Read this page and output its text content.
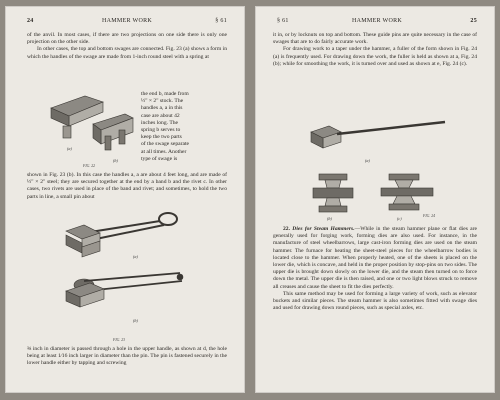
24	HAMMER WORK	§ 61

of the anvil. In most cases, if there are two projections on one side there is only one projection on the other side.

In other cases, the top and bottom swages are connected. Fig. 23 (a) shows a form in which the handles of the swage are made from 1-inch round steel with a spring at

(a)
(b)
FIG. 22
the end b, made from
½" × 2" stock. The
handles a, a in this
case are about 42
inches long. The
spring b serves to
keep the two parts
of the swage separate
at all times. Another
type of swage is

shown in Fig. 23 (b). In this case the handles a, a are about 4 feet long, and are made of ½" × 2" steel; they are secured together at the end by a band b and the rivet c. In other cases, two rivets are used in place of the band and rivet; and sometimes, to hold the two parts in line, a small pin about

(a)
(b)
FIG. 23

⅜ inch in diameter is passed through a hole in the upper handle, as shown at d, the hole being at least 1⁄16 inch larger in diameter than the pin. The pin is fastened securely in the lower handle either by tapping and screwing

§ 61	HAMMER WORK	25

it in, or by locknuts on top and bottom. These guide pins are quite necessary in the case of swages that are to do fairly accurate work.

For drawing work to a taper under the hammer, a fuller of the form shown in Fig. 24 (a) is frequently used. For drawing down the work, the fuller is held as shown at a, Fig. 24 (b); while for smoothing the work, it is turned over and used as shown at e, Fig. 24 (c).

(a)
(b)	(c)	FIG. 24

22. Dies for Steam Hammers.—While in the steam hammer plane or flat dies are generally used for forging work, forming dies are also used. For instance, in the manufacture of steel wheelbarrows, large cast-iron forming dies are used on the steam hammer. The furnace for heating the sheet-steel pieces for the wheelbarrow bodies is located close to the hammer. When properly heated, one of the sheets is placed on the lower die, which is concave, and held in the proper position by stop-pins on two sides. The upper die is brought down slowly on the lower die, and the steam then turned on to force down the metal. The upper die is then raised, and one or two light blows struck to remove all creases and cause the sheet to fit the dies perfectly.

This same method may be used for forming a large variety of work, such as elevator buckets and similar pieces. The steam hammer is also sometimes fitted with swage dies and used for drawing down round pieces, such as special axles, etc.
